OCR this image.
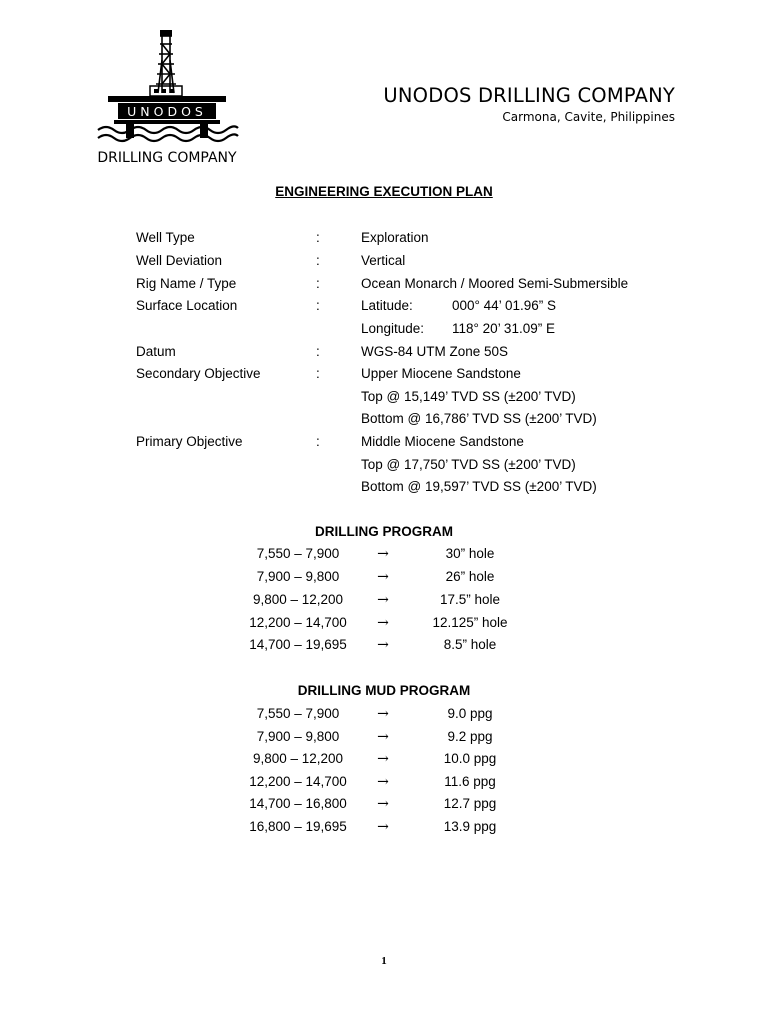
UNODOS
DRILLING COMPANY
UNODOS DRILLING COMPANY
Carmona, Cavite, Philippines
ENGINEERING EXECUTION PLAN
Well Type	:	Exploration
Well Deviation	:	Vertical
Rig Name / Type	:	Ocean Monarch / Moored Semi-Submersible
Surface Location	:	Latitude:	000° 44’ 01.96” S
Longitude: 118° 20’ 31.09” E
Datum	:	WGS-84 UTM Zone 50S
Secondary Objective	:	Upper Miocene Sandstone
Top @ 15,149’ TVD SS (±200’ TVD)
Bottom @ 16,786’ TVD SS (±200’ TVD)
Primary Objective	:	Middle Miocene Sandstone
Top @ 17,750’ TVD SS (±200’ TVD)
Bottom @ 19,597’ TVD SS (±200’ TVD)
DRILLING PROGRAM
7,550 – 7,900	→	30” hole
7,900 – 9,800	→	26” hole
9,800 – 12,200	→	17.5” hole
12,200 – 14,700	→	12.125” hole
14,700 – 19,695	→	8.5” hole
DRILLING MUD PROGRAM
7,550 – 7,900	→	9.0 ppg
7,900 – 9,800	→	9.2 ppg
9,800 – 12,200	→	10.0 ppg
12,200 – 14,700	→	11.6 ppg
14,700 – 16,800	→	12.7 ppg
16,800 – 19,695	→	13.9 ppg
1
